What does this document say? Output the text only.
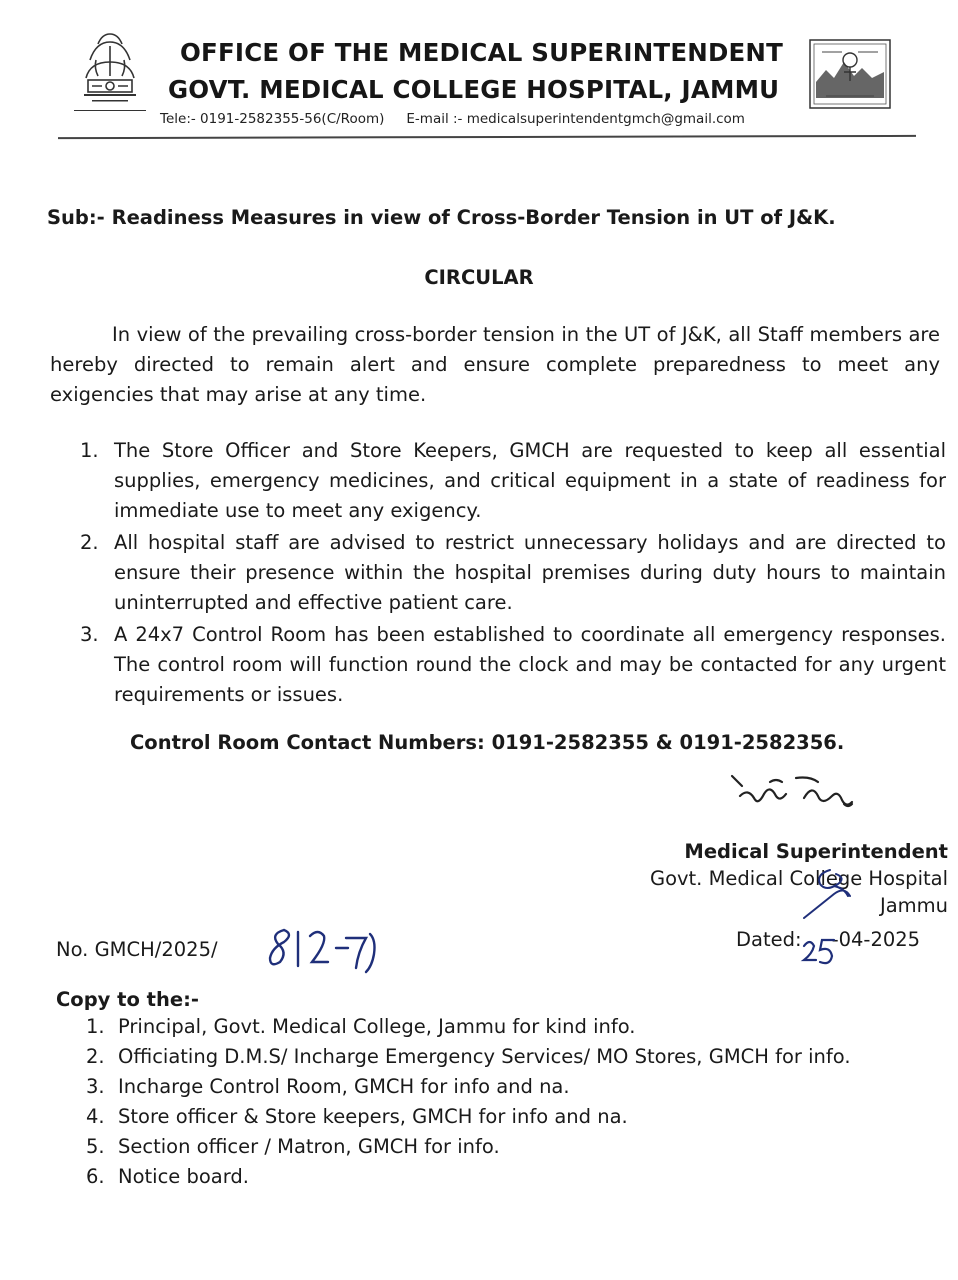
OFFICE OF THE MEDICAL SUPERINTENDENT
GOVT. MEDICAL COLLEGE HOSPITAL, JAMMU
Tele:- 0191-2582355-56(C/Room) E-mail :- medicalsuperintendentgmch@gmail.com
Sub:- Readiness Measures in view of Cross-Border Tension in UT of J&K.
CIRCULAR
In view of the prevailing cross-border tension in the UT of J&K, all Staff members are hereby directed to remain alert and ensure complete preparedness to meet any exigencies that may arise at any time.
1. The Store Officer and Store Keepers, GMCH are requested to keep all essential supplies, emergency medicines, and critical equipment in a state of readiness for immediate use to meet any exigency.
2. All hospital staff are advised to restrict unnecessary holidays and are directed to ensure their presence within the hospital premises during duty hours to maintain uninterrupted and effective patient care.
3. A 24x7 Control Room has been established to coordinate all emergency responses. The control room will function round the clock and may be contacted for any urgent requirements or issues.
Control Room Contact Numbers: 0191-2582355 & 0191-2582356.
Medical Superintendent
Govt. Medical College Hospital
Jammu
No. GMCH/2025/	Dated: -04-2025
Copy to the:-
1. Principal, Govt. Medical College, Jammu for kind info.
2. Officiating D.M.S/ Incharge Emergency Services/ MO Stores, GMCH for info.
3. Incharge Control Room, GMCH for info and na.
4. Store officer & Store keepers, GMCH for info and na.
5. Section officer / Matron, GMCH for info.
6. Notice board.
